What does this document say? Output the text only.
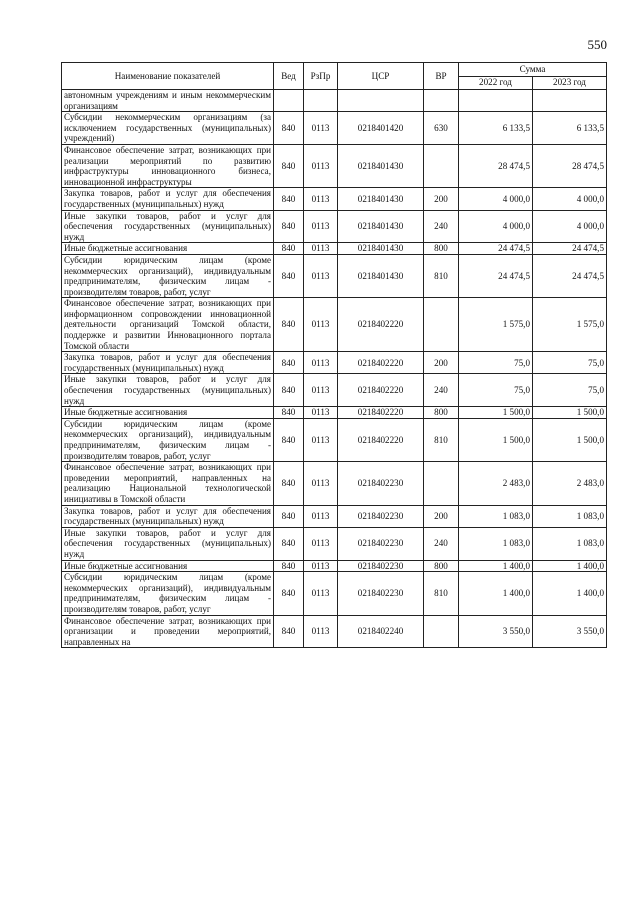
550
Наименование показателей	Вед	РзПр	ЦСР	ВР	Сумма	
					2022 год	2023 год
автономным учреждениям и иным некоммерческим организациям						
Субсидии некоммерческим организациям (за исключением государственных (муниципальных) учреждений)	840	0113	0218401420	630	6 133,5	6 133,5
Финансовое обеспечение затрат, возникающих при реализации мероприятий по развитию инфраструктуры инновационного бизнеса, инновационной инфраструктуры	840	0113	0218401430		28 474,5	28 474,5
Закупка товаров, работ и услуг для обеспечения государственных (муниципальных) нужд	840	0113	0218401430	200	4 000,0	4 000,0
Иные закупки товаров, работ и услуг для обеспечения государственных (муниципальных) нужд	840	0113	0218401430	240	4 000,0	4 000,0
Иные бюджетные ассигнования	840	0113	0218401430	800	24 474,5	24 474,5
Субсидии юридическим лицам (кроме некоммерческих организаций), индивидуальным предпринимателям, физическим лицам - производителям товаров, работ, услуг	840	0113	0218401430	810	24 474,5	24 474,5
Финансовое обеспечение затрат, возникающих при информационном сопровождении инновационной деятельности организаций Томской области, поддержке и развитии Инновационного портала Томской области	840	0113	0218402220		1 575,0	1 575,0
Закупка товаров, работ и услуг для обеспечения государственных (муниципальных) нужд	840	0113	0218402220	200	75,0	75,0
Иные закупки товаров, работ и услуг для обеспечения государственных (муниципальных) нужд	840	0113	0218402220	240	75,0	75,0
Иные бюджетные ассигнования	840	0113	0218402220	800	1 500,0	1 500,0
Субсидии юридическим лицам (кроме некоммерческих организаций), индивидуальным предпринимателям, физическим лицам - производителям товаров, работ, услуг	840	0113	0218402220	810	1 500,0	1 500,0
Финансовое обеспечение затрат, возникающих при проведении мероприятий, направленных на реализацию Национальной технологической инициативы в Томской области	840	0113	0218402230		2 483,0	2 483,0
Закупка товаров, работ и услуг для обеспечения государственных (муниципальных) нужд	840	0113	0218402230	200	1 083,0	1 083,0
Иные закупки товаров, работ и услуг для обеспечения государственных (муниципальных) нужд	840	0113	0218402230	240	1 083,0	1 083,0
Иные бюджетные ассигнования	840	0113	0218402230	800	1 400,0	1 400,0
Субсидии юридическим лицам (кроме некоммерческих организаций), индивидуальным предпринимателям, физическим лицам - производителям товаров, работ, услуг	840	0113	0218402230	810	1 400,0	1 400,0
Финансовое обеспечение затрат, возникающих при организации и проведении мероприятий, направленных на	840	0113	0218402240		3 550,0	3 550,0
